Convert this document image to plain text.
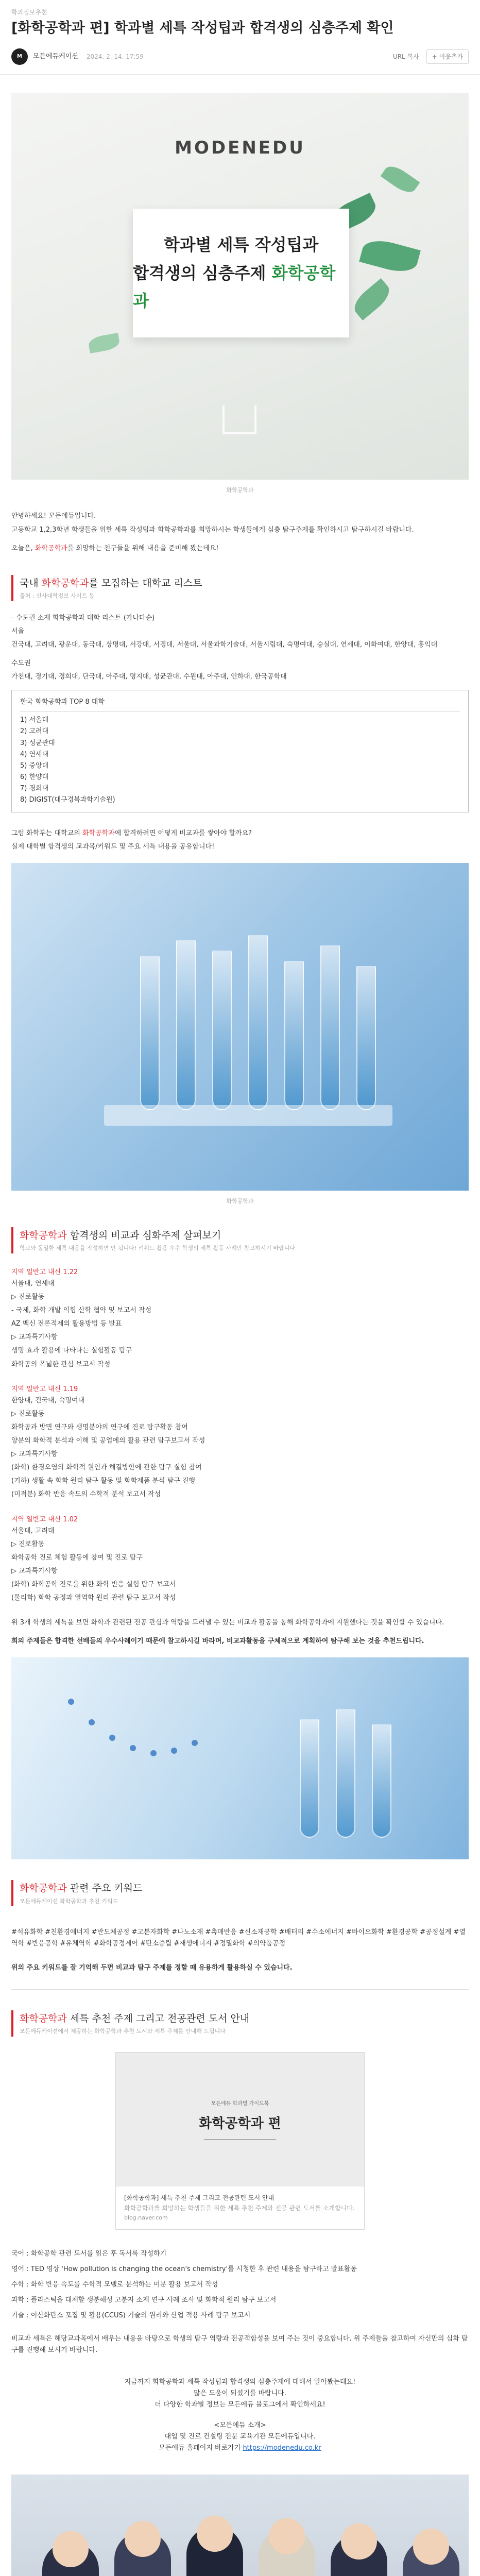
학과정보추천
[화학공학과 편] 학과별 세특 작성팁과 합격생의 심층주제 확인
M	모든에듀케이션 2024. 2. 14. 17:59	URL 복사	+ 이웃추가
MODENEDU
학과별 세특 작성팁과
합격생의 심층주제 화학공학과
화학공학과

안녕하세요! 모든에듀입니다.

고등학교 1,2,3학년 학생들을 위한 세특 작성팁과 화학공학과를 희망하시는 학생들에게 심층 탐구주제를 확인하시고 탐구하시길 바랍니다.

오늘은, 화학공학과를 희망하는 친구들을 위해 내용을 준비해 봤는데요!

국내 화학공학과를 모집하는 대학교 리스트
출처 : 신사대학정보 사이트 등

- 수도권 소재 화학공학과 대학 리스트 (가나다순)

서울

건국대, 고려대, 광운대, 동국대, 상명대, 서강대, 서경대, 서울대, 서울과학기술대, 서울시립대, 숙명여대, 숭실대, 연세대, 이화여대, 한양대, 홍익대

수도권

가천대, 경기대, 경희대, 단국대, 아주대, 명지대, 성균관대, 수원대, 아주대, 인하대, 한국공학대

한국 화학공학과 TOP 8 대학
1) 서울대
2) 고려대
3) 성균관대
4) 연세대
5) 중앙대
6) 한양대
7) 경희대
8) DIGIST(대구경북과학기술원)

그럼 화학부는 대학교의 화학공학과에 합격하려면 어떻게 비교과를 쌓아야 할까요?

실제 대학별 합격생의 교과목/키워드 및 주요 세특 내용을 공유합니다!

화학공학과
화학공학과 합격생의 비교과 심화주제 살펴보기
학교와 동일한 세특 내용을 작성하면 안 됩니다! 키워드 활용 우수 학생의 세특 활동 사례만 참고하시기 바랍니다
지역 일반고 내신 1.22
서울대, 연세대

▷ 진로활동

- 국제, 화학 개발 익힘 산학 협약 및 보고서 작성

AZ 백신 전론적제의 활용방법 등 발표

▷ 교과특기사항

생명 효과 활용에 나타나는 실험활동 탐구

화학공의 폭넓한 관심 보고서 작성

지역 일반고 내신 1.19
한양대, 건국대, 숙명여대

▷ 진로활동

화학공과 방면 연구와 생명분야의 연구에 진로 탐구활동 참여

양분의 화학적 분석과 이해 및 공업에의 활용 관련 탐구보고서 작성

▷ 교과특기사항

(화학) 환경오염의 화학적 원인과 해결방안에 관한 탐구 실험 참여

(기하) 생활 속 화학 원리 탐구 활동 및 화학제품 분석 탐구 진행

(미적분) 화학 반응 속도의 수학적 분석 보고서 작성

지역 일반고 내신 1.02
서울대, 고려대

▷ 진로활동

화학공학 진로 체험 활동에 참여 및 진로 탐구

▷ 교과특기사항

(화학) 화학공학 진로를 위한 화학 반응 실험 탐구 보고서

(물리학) 화학 공정과 열역학 원리 관련 탐구 보고서 작성

위 3개 학생의 세특을 보면 화학과 관련된 전공 관심과 역량을 드러낼 수 있는 비교과 활동을 통해 화학공학과에 지원했다는 것을 확인할 수 있습니다.

희의 주제들은 합격한 선배들의 우수사례이기 때문에 참고하시길 바라며, 비교과활동을 구체적으로 계획하여 탐구해 보는 것을 추천드립니다.

화학공학과 관련 주요 키워드
모든에듀케이션 화학공학과 추천 키워드

#석유화학 #친환경에너지 #반도체공정 #고분자화학 #나노소재 #촉매반응 #신소재공학 #배터리 #수소에너지 #바이오화학 #환경공학 #공정설계 #열역학 #반응공학 #유체역학 #화학공정제어 #탄소중립 #재생에너지 #정밀화학 #의약품공정

위의 주요 키워드를 잘 기억해 두면 비교과 탐구 주제를 정할 때 유용하게 활용하실 수 있습니다.

화학공학과 세특 추천 주제 그리고 전공관련 도서 안내
모든에듀케이션에서 제공하는 화학공학과 추천 도서와 세특 주제를 안내해 드립니다
모든에듀 학과별 가이드북
화학공학과 편
[화학공학과] 세특 추천 주제 그리고 전공관련 도서 안내
화학공학과를 희망하는 학생들을 위한 세특 추천 주제와 전공 관련 도서를 소개합니다.
blog.naver.com

국어 : 화학공학 관련 도서를 읽은 후 독서록 작성하기

영어 : TED 영상 'How pollution is changing the ocean's chemistry'를 시청한 후 관련 내용을 탐구하고 발표활동

수학 : 화학 반응 속도를 수학적 모델로 분석하는 미분 활용 보고서 작성

과학 : 플라스틱을 대체할 생분해성 고분자 소재 연구 사례 조사 및 화학적 원리 탐구 보고서

기술 : 이산화탄소 포집 및 활용(CCUS) 기술의 원리와 산업 적용 사례 탐구 보고서

비교과 세특은 해당교과목에서 배우는 내용을 바탕으로 학생의 탐구 역량과 전공적합성을 보여 주는 것이 중요합니다. 위 주제들을 참고하여 자신만의 심화 탐구를 진행해 보시기 바랍니다.

지금까지 화학공학과 세특 작성팁과 합격생의 심층주제에 대해서 알아봤는데요!

많은 도움이 되셨기를 바랍니다.

더 다양한 학과별 정보는 모든에듀 블로그에서 확인하세요!

<모든에듀 소개>

대입 및 진로 컨설팅 전문 교육기관 모든에듀입니다.

모든에듀 홈페이지 바로가기 https://modenedu.co.kr
